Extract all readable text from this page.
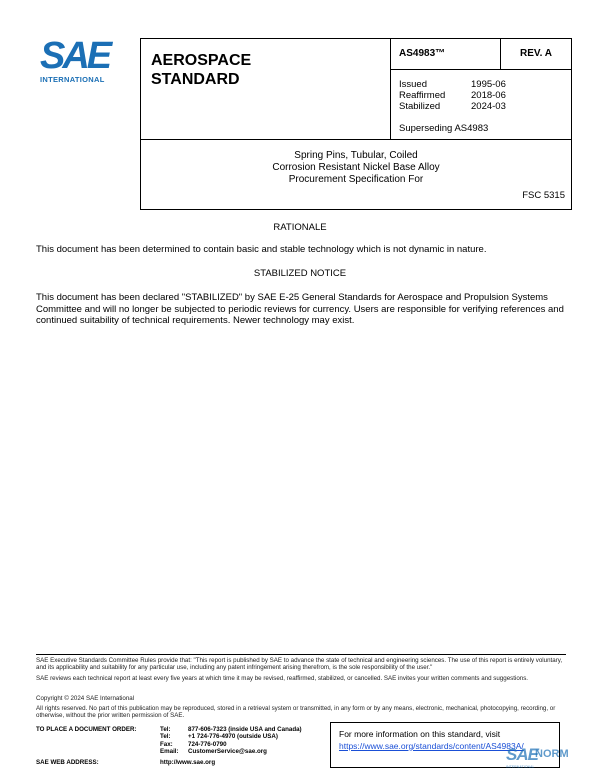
SAE
INTERNATIONAL
AEROSPACE
STANDARD
AS4983™	REV. A
Issued	1995-06
Reaffirmed	2018-06
Stabilized	2024-03
Superseding AS4983
Spring Pins, Tubular, Coiled
Corrosion Resistant Nickel Base Alloy
Procurement Specification For
FSC 5315
RATIONALE
This document has been determined to contain basic and stable technology which is not dynamic in nature.
STABILIZED NOTICE
This document has been declared "STABILIZED" by SAE E-25 General Standards for Aerospace and Propulsion Systems Committee and will no longer be subjected to periodic reviews for currency. Users are responsible for verifying references and continued suitability of technical requirements. Newer technology may exist.
SAE Executive Standards Committee Rules provide that: "This report is published by SAE to advance the state of technical and engineering sciences. The use of this report is entirely voluntary, and its applicability and suitability for any particular use, including any patent infringement arising therefrom, is the sole responsibility of the user."
SAE reviews each technical report at least every five years at which time it may be revised, reaffirmed, stabilized, or cancelled. SAE invites your written comments and suggestions.
Copyright © 2024 SAE International
All rights reserved. No part of this publication may be reproduced, stored in a retrieval system or transmitted, in any form or by any means, electronic, mechanical, photocopying, recording, or otherwise, without the prior written permission of SAE.
TO PLACE A DOCUMENT ORDER:	Tel:	877-606-7323 (inside USA and Canada)
Tel:	+1 724-776-4970 (outside USA)
Fax:	724-776-0790
Email:	CustomerService@sae.org
SAE WEB ADDRESS:	http://www.sae.org
For more information on this standard, visit
https://www.sae.org/standards/content/AS4983A/
SAE
NORM
INTERNATIONAL
